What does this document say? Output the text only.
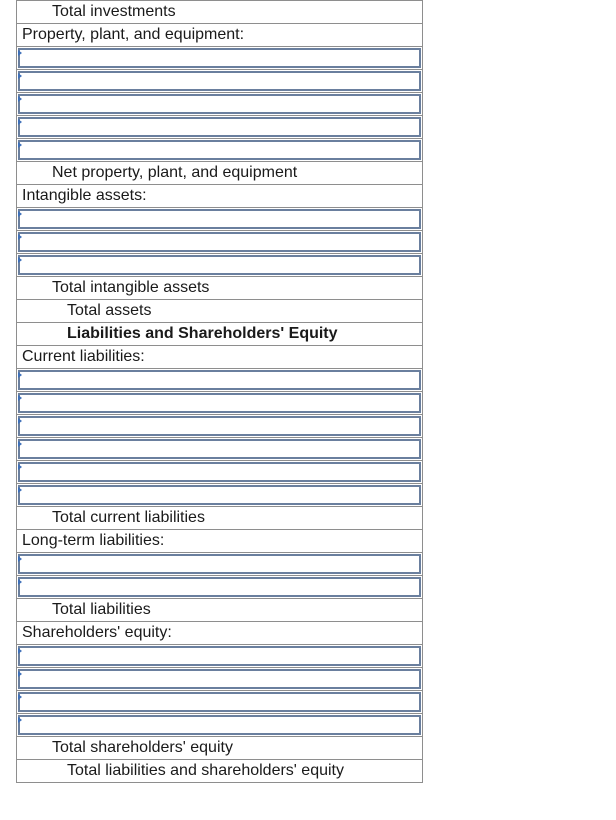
Total investments
Property, plant, and equipment:
Net property, plant, and equipment
Intangible assets:
Total intangible assets
Total assets
Liabilities and Shareholders' Equity
Current liabilities:
Total current liabilities
Long-term liabilities:
Total liabilities
Shareholders' equity:
Total shareholders' equity
Total liabilities and shareholders' equity
